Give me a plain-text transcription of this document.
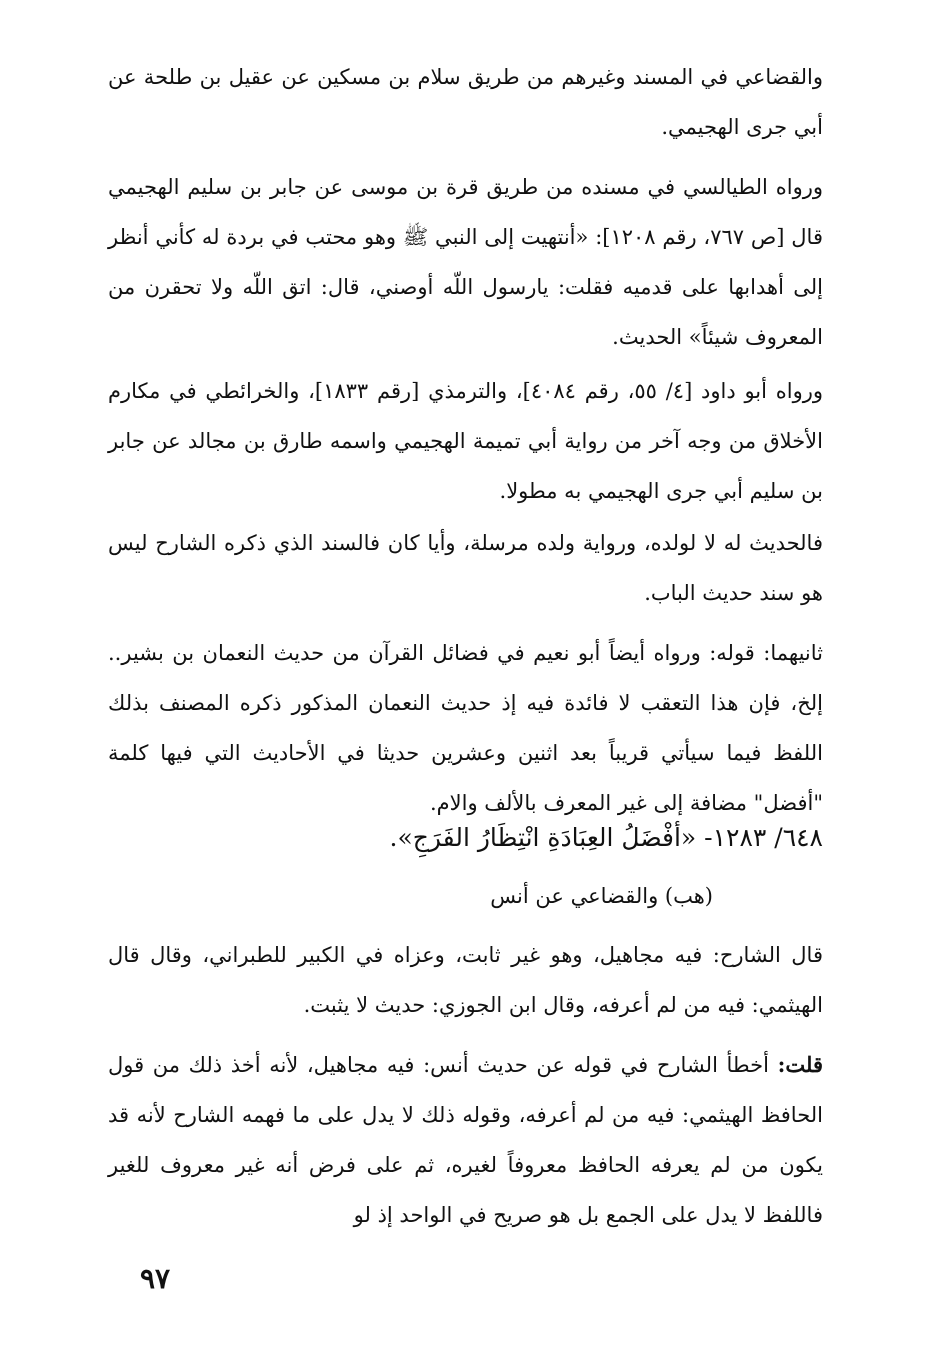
والقضاعي في المسند وغيرهم من طريق سلام بن مسكين عن عقيل بن طلحة عن أبي جرى الهجيمي.

ورواه الطيالسي في مسنده من طريق قرة بن موسى عن جابر بن سليم الهجيمي قال [ص ٧٦٧، رقم ١٢٠٨]: «أنتهيت إلى النبي ﷺ وهو محتب في بردة له كأني أنظر إلى أهدابها على قدميه فقلت: يارسول اللّه أوصني، قال: اتق اللّه ولا تحقرن من المعروف شيئاً» الحديث.

ورواه أبو داود [٤/ ٥٥، رقم ٤٠٨٤]، والترمذي [رقم ١٨٣٣]، والخرائطي في مكارم الأخلاق من وجه آخر من رواية أبي تميمة الهجيمي واسمه طارق بن مجالد عن جابر بن سليم أبي جرى الهجيمي به مطولا.

فالحديث له لا لولده، ورواية ولده مرسلة، وأيا كان فالسند الذي ذكره الشارح ليس هو سند حديث الباب.

ثانيهما: قوله: ورواه أيضاً أبو نعيم في فضائل القرآن من حديث النعمان بن بشير.. إلخ، فإن هذا التعقب لا فائدة فيه إذ حديث النعمان المذكور ذكره المصنف بذلك اللفظ فيما سيأتي قريباً بعد اثنين وعشرين حديثا في الأحاديث التي فيها كلمة "أفضل" مضافة إلى غير المعرف بالألف والام.

٦٤٨/ ١٢٨٣- «أفْضَلُ العِبَادَةِ انْتِظَارُ الفَرَجِ».

(هب) والقضاعي عن أنس

قال الشارح: فيه مجاهيل، وهو غير ثابت، وعزاه في الكبير للطبراني، وقال قال الهيثمي: فيه من لم أعرفه، وقال ابن الجوزي: حديث لا يثبت.

قلت: أخطأ الشارح في قوله عن حديث أنس: فيه مجاهيل، لأنه أخذ ذلك من قول الحافظ الهيثمي: فيه من لم أعرفه، وقوله ذلك لا يدل على ما فهمه الشارح لأنه قد يكون من لم يعرفه الحافظ معروفاً لغيره، ثم على فرض أنه غير معروف للغير فاللفظ لا يدل على الجمع بل هو صريح في الواحد إذ لو

٩٧
